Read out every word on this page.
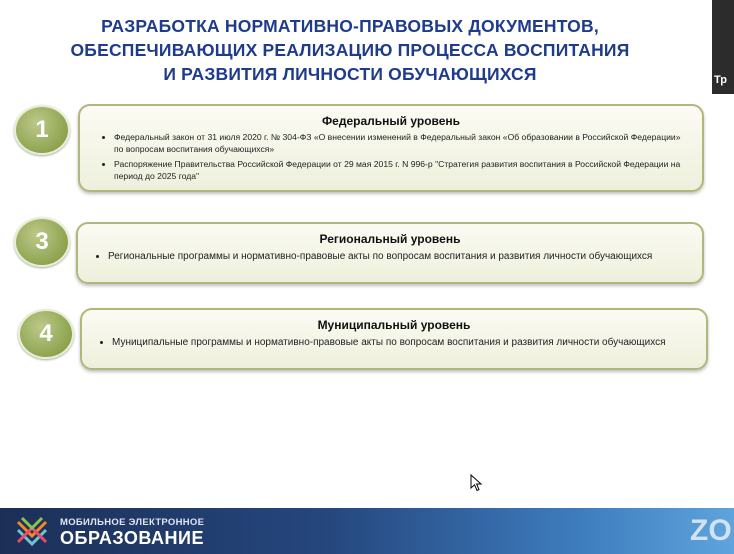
РАЗРАБОТКА НОРМАТИВНО-ПРАВОВЫХ ДОКУМЕНТОВ,
ОБЕСПЕЧИВАЮЩИХ РЕАЛИЗАЦИЮ ПРОЦЕССА ВОСПИТАНИЯ
И РАЗВИТИЯ ЛИЧНОСТИ ОБУЧАЮЩИХСЯ
1	Федеральный уровень
• Федеральный закон от 31 июля 2020 г. № 304-ФЗ «О внесении изменений в Федеральный закон «Об образовании в Российской Федерации» по вопросам воспитания обучающихся»
• Распоряжение Правительства Российской Федерации от 29 мая 2015 г. N 996-р "Стратегия развития воспитания в Российской Федерации на период до 2025 года"
3	Региональный уровень
• Региональные программы и нормативно-правовые акты по вопросам воспитания и развития личности обучающихся
4	Муниципальный уровень
• Муниципальные программы и нормативно-правовые акты по вопросам воспитания и развития личности обучающихся
Тр
МОБИЛЬНОЕ ЭЛЕКТРОННОЕ
ОБРАЗОВАНИЕ	ZO
